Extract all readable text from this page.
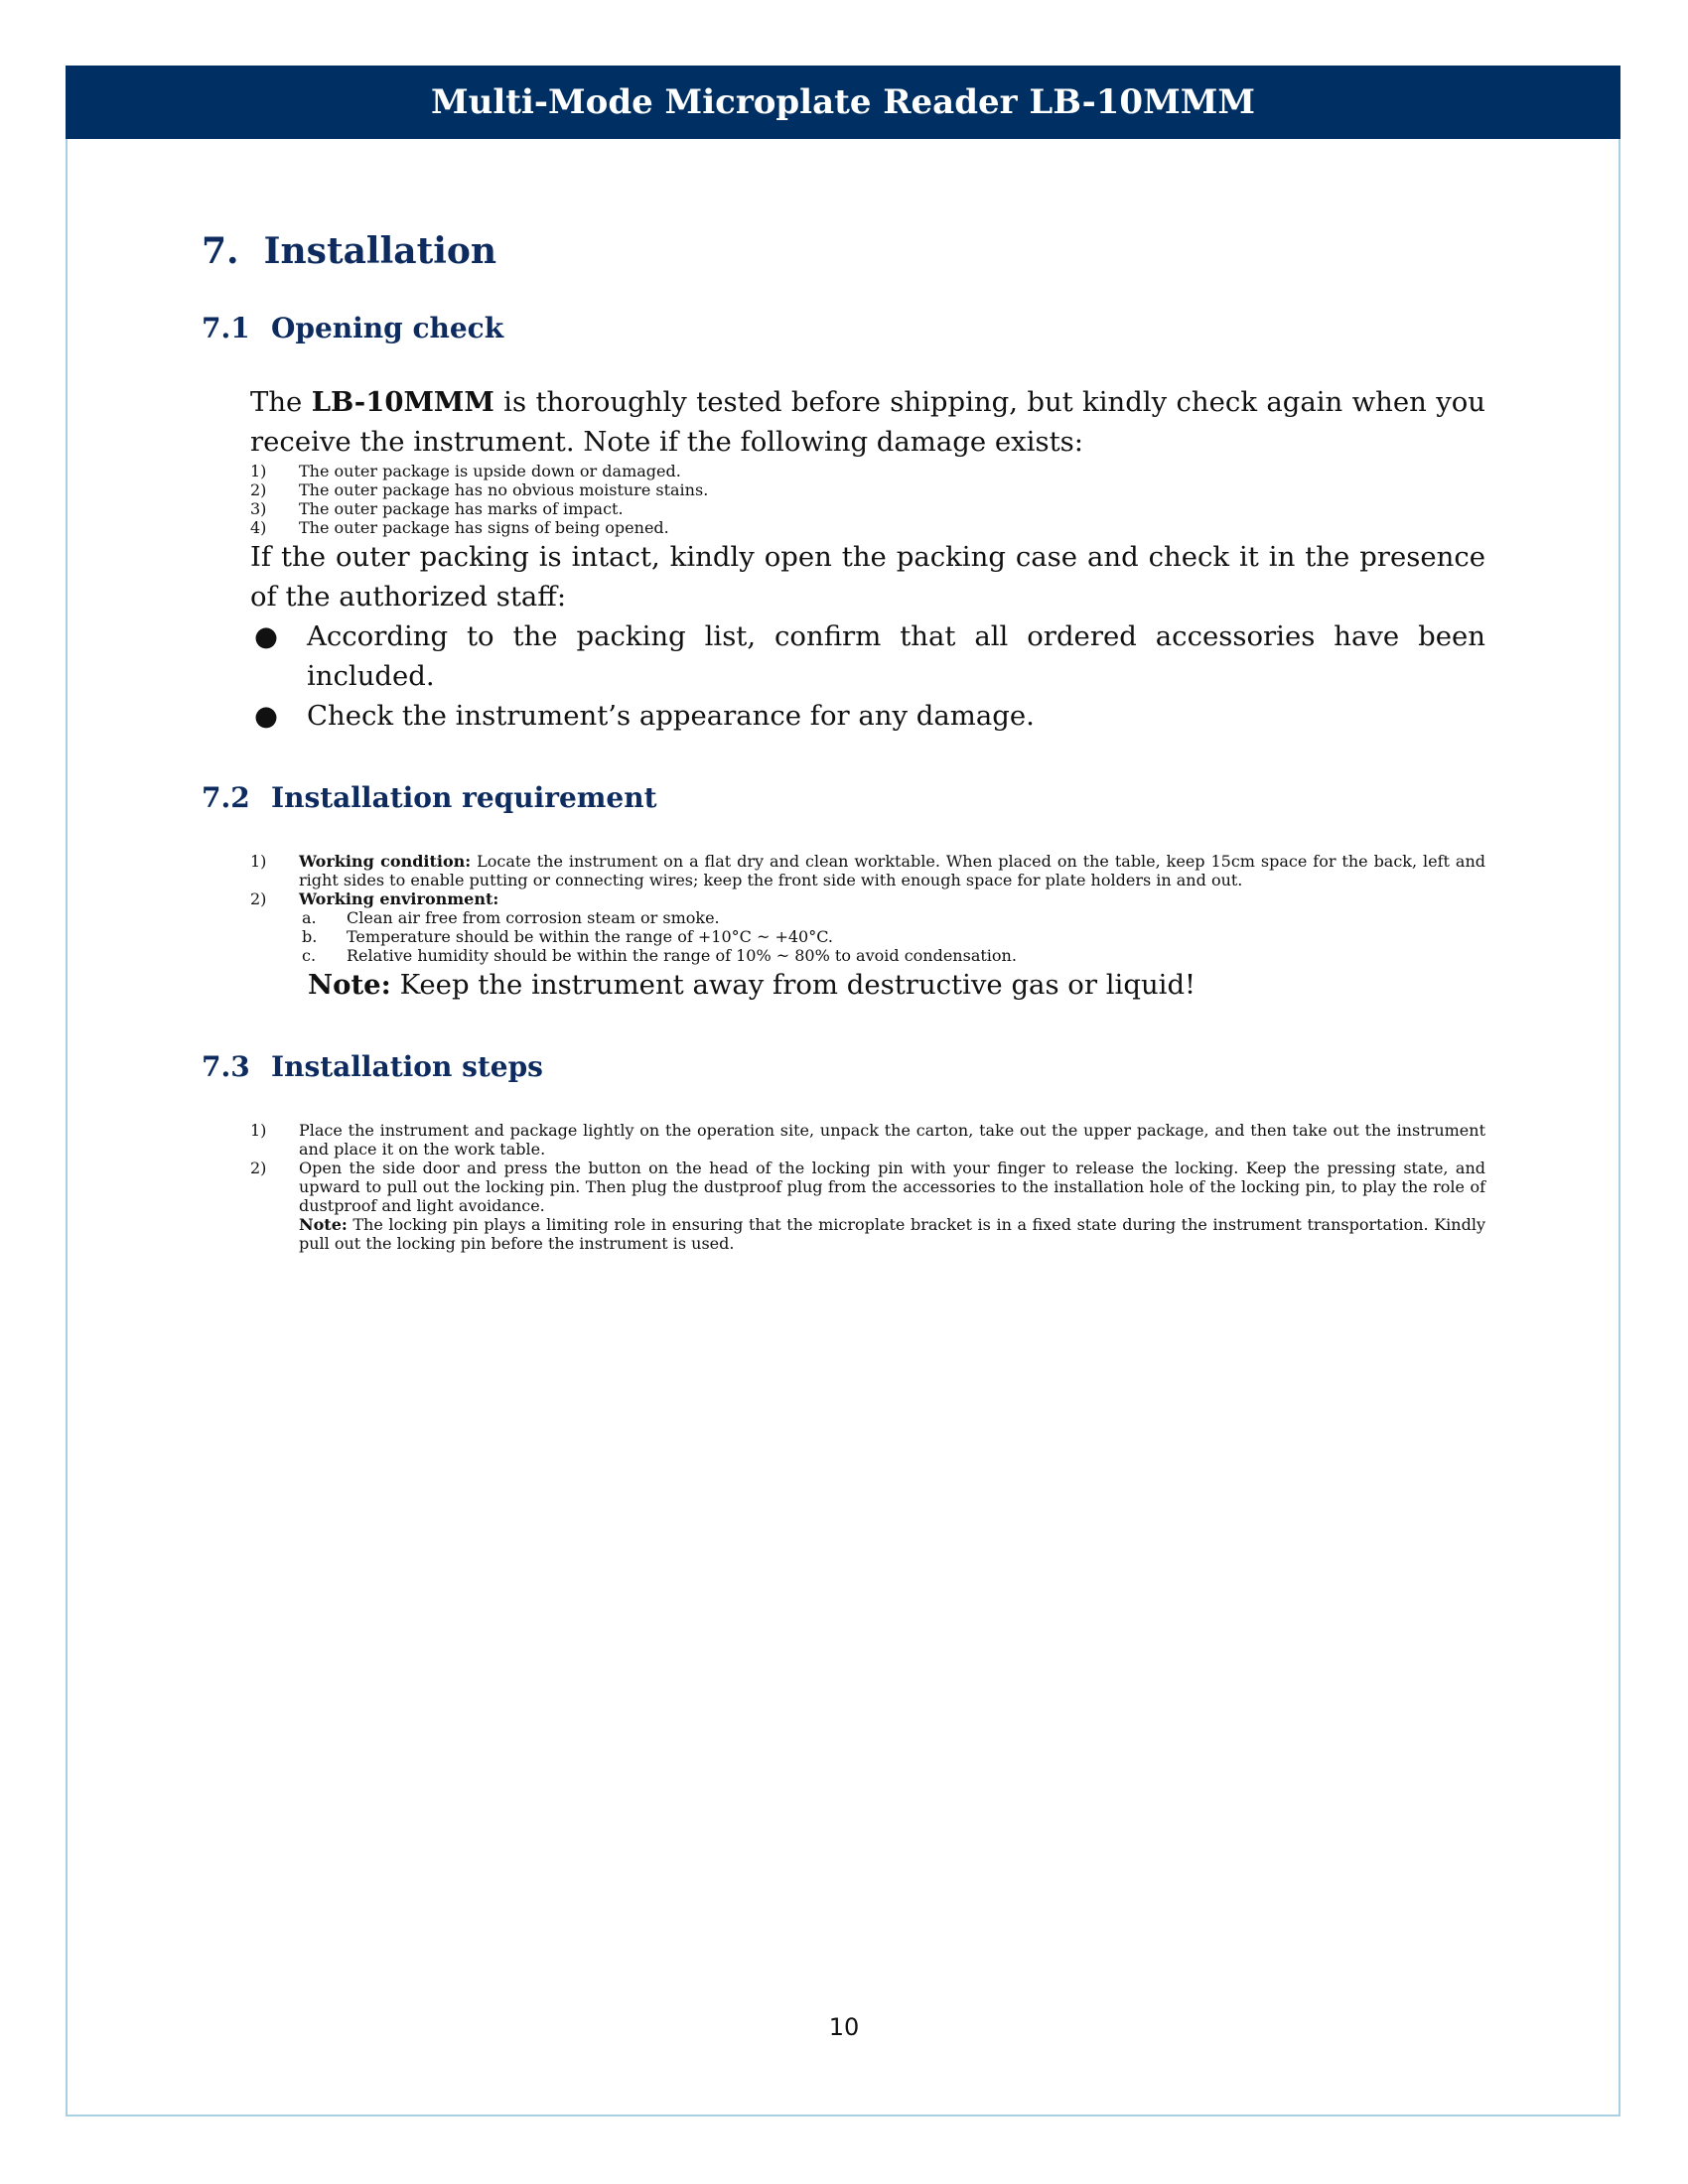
Multi-Mode Microplate Reader LB-10MMM
7. Installation
7.1 Opening check

The LB-10MMM is thoroughly tested before shipping, but kindly check again when you receive the instrument. Note if the following damage exists:

1)	The outer package is upside down or damaged.
2)	The outer package has no obvious moisture stains.
3)	The outer package has marks of impact.
4)	The outer package has signs of being opened.

If the outer packing is intact, kindly open the packing case and check it in the presence of the authorized staff:

●	According to the packing list, confirm that all ordered accessories have been included.
●	Check the instrument’s appearance for any damage.
7.2 Installation requirement
1)	Working condition: Locate the instrument on a flat dry and clean worktable. When placed on the table, keep 15cm space for the back, left and right sides to enable putting or connecting wires; keep the front side with enough space for plate holders in and out.
2)	Working environment:
a.	Clean air free from corrosion steam or smoke.
b.	Temperature should be within the range of +10°C ~ +40°C.
c.	Relative humidity should be within the range of 10% ~ 80% to avoid condensation.

Note: Keep the instrument away from destructive gas or liquid!

7.3 Installation steps
1)	Place the instrument and package lightly on the operation site, unpack the carton, take out the upper package, and then take out the instrument and place it on the work table.
2)	Open the side door and press the button on the head of the locking pin with your finger to release the locking. Keep the pressing state, and upward to pull out the locking pin. Then plug the dustproof plug from the accessories to the installation hole of the locking pin, to play the role of dustproof and light avoidance.
Note: The locking pin plays a limiting role in ensuring that the microplate bracket is in a fixed state during the instrument transportation. Kindly pull out the locking pin before the instrument is used.
10
